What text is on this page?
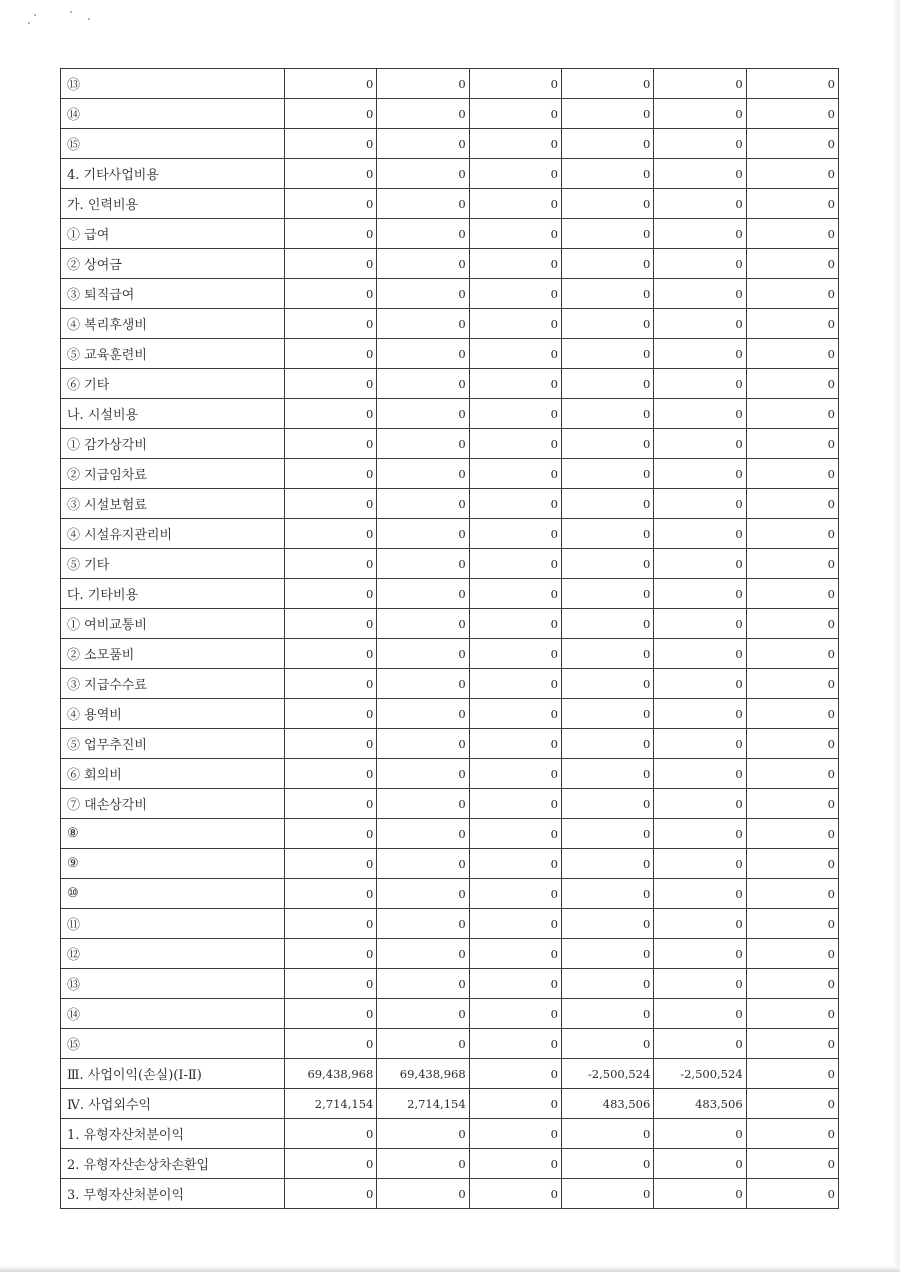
⑬	0	0	0	0	0	0
⑭	0	0	0	0	0	0
⑮	0	0	0	0	0	0
4. 기타사업비용	0	0	0	0	0	0
가. 인력비용	0	0	0	0	0	0
① 급여	0	0	0	0	0	0
② 상여금	0	0	0	0	0	0
③ 퇴직급여	0	0	0	0	0	0
④ 복리후생비	0	0	0	0	0	0
⑤ 교육훈련비	0	0	0	0	0	0
⑥ 기타	0	0	0	0	0	0
나. 시설비용	0	0	0	0	0	0
① 감가상각비	0	0	0	0	0	0
② 지급임차료	0	0	0	0	0	0
③ 시설보험료	0	0	0	0	0	0
④ 시설유지관리비	0	0	0	0	0	0
⑤ 기타	0	0	0	0	0	0
다. 기타비용	0	0	0	0	0	0
① 여비교통비	0	0	0	0	0	0
② 소모품비	0	0	0	0	0	0
③ 지급수수료	0	0	0	0	0	0
④ 용역비	0	0	0	0	0	0
⑤ 업무추진비	0	0	0	0	0	0
⑥ 회의비	0	0	0	0	0	0
⑦ 대손상각비	0	0	0	0	0	0
⑧	0	0	0	0	0	0
⑨	0	0	0	0	0	0
⑩	0	0	0	0	0	0
⑪	0	0	0	0	0	0
⑫	0	0	0	0	0	0
⑬	0	0	0	0	0	0
⑭	0	0	0	0	0	0
⑮	0	0	0	0	0	0
Ⅲ. 사업이익(손실)(Ⅰ-Ⅱ)	69,438,968	69,438,968	0	-2,500,524	-2,500,524	0
Ⅳ. 사업외수익	2,714,154	2,714,154	0	483,506	483,506	0
1. 유형자산처분이익	0	0	0	0	0	0
2. 유형자산손상차손환입	0	0	0	0	0	0
3. 무형자산처분이익	0	0	0	0	0	0
